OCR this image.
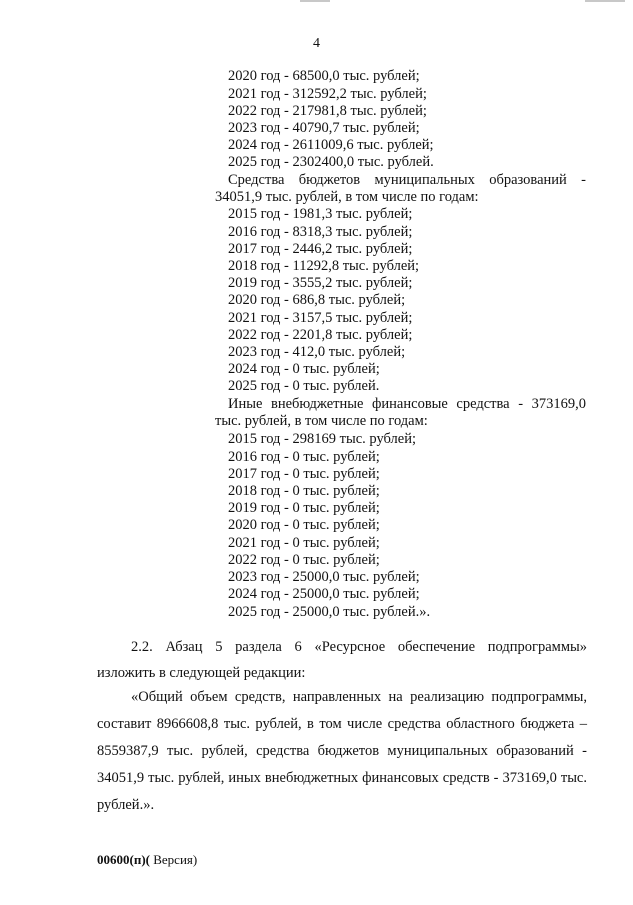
4
2020 год - 68500,0 тыс. рублей;
2021 год - 312592,2 тыс. рублей;
2022 год - 217981,8 тыс. рублей;
2023 год - 40790,7 тыс. рублей;
2024 год - 2611009,6 тыс. рублей;
2025 год - 2302400,0 тыс. рублей.
Средства бюджетов муниципальных образований -
34051,9 тыс. рублей, в том числе по годам:
2015 год - 1981,3 тыс. рублей;
2016 год - 8318,3 тыс. рублей;
2017 год - 2446,2 тыс. рублей;
2018 год - 11292,8 тыс. рублей;
2019 год - 3555,2 тыс. рублей;
2020 год - 686,8 тыс. рублей;
2021 год - 3157,5 тыс. рублей;
2022 год - 2201,8 тыс. рублей;
2023 год - 412,0 тыс. рублей;
2024 год - 0 тыс. рублей;
2025 год - 0 тыс. рублей.
Иные внебюджетные финансовые средства - 373169,0
тыс. рублей, в том числе по годам:
2015 год - 298169 тыс. рублей;
2016 год - 0 тыс. рублей;
2017 год - 0 тыс. рублей;
2018 год - 0 тыс. рублей;
2019 год - 0 тыс. рублей;
2020 год - 0 тыс. рублей;
2021 год - 0 тыс. рублей;
2022 год - 0 тыс. рублей;
2023 год - 25000,0 тыс. рублей;
2024 год - 25000,0 тыс. рублей;
2025 год - 25000,0 тыс. рублей.».
2.2. Абзац 5 раздела 6 «Ресурсное обеспечение подпрограммы»
изложить в следующей редакции:
«Общий объем средств, направленных на реализацию подпрограммы,
составит 8966608,8 тыс. рублей, в том числе средства областного бюджета –
8559387,9 тыс. рублей, средства бюджетов муниципальных образований -
34051,9 тыс. рублей, иных внебюджетных финансовых средств - 373169,0 тыс.
рублей.».
00600(п)( Версия)
